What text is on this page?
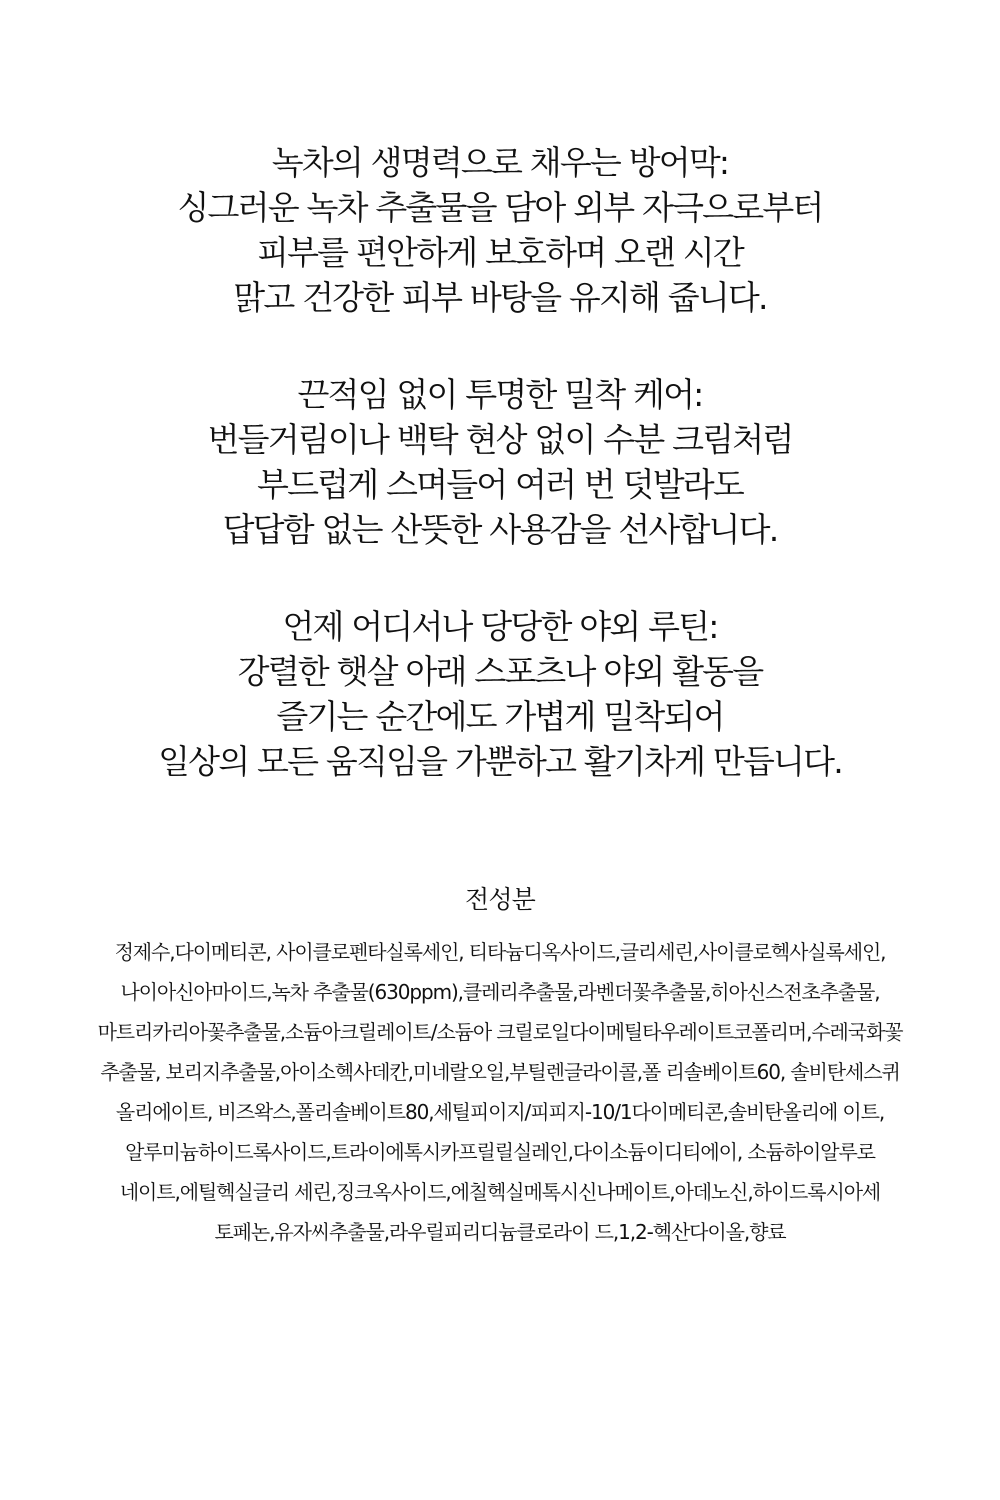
녹차의 생명력으로 채우는 방어막:
싱그러운 녹차 추출물을 담아 외부 자극으로부터
피부를 편안하게 보호하며 오랜 시간
맑고 건강한 피부 바탕을 유지해 줍니다.
끈적임 없이 투명한 밀착 케어:
번들거림이나 백탁 현상 없이 수분 크림처럼
부드럽게 스며들어 여러 번 덧발라도
답답함 없는 산뜻한 사용감을 선사합니다.
언제 어디서나 당당한 야외 루틴:
강렬한 햇살 아래 스포츠나 야외 활동을
즐기는 순간에도 가볍게 밀착되어
일상의 모든 움직임을 가뿐하고 활기차게 만듭니다.
전성분
정제수,다이메티콘, 사이클로펜타실록세인, 티타늄디옥사이드,글리세린,사이클로헥사실록세인,
나이아신아마이드,녹차 추출물(630ppm),클레리추출물,라벤더꽃추출물,히아신스전초추출물,
마트리카리아꽃추출물,소듐아크릴레이트/소듐아 크릴로일다이메틸타우레이트코폴리머,수레국화꽃
추출물, 보리지추출물,아이소헥사데칸,미네랄오일,부틸렌글라이콜,폴 리솔베이트60, 솔비탄세스퀴
올리에이트, 비즈왁스,폴리솔베이트80,세틸피이지/피피지-10/1다이메티콘,솔비탄올리에 이트,
알루미늄하이드록사이드,트라이에톡시카프릴릴실레인,다이소듐이디티에이, 소듐하이알루로
네이트,에틸헥실글리 세린,징크옥사이드,에칠헥실메톡시신나메이트,아데노신,하이드록시아세
토페논,유자씨추출물,라우릴피리디늄클로라이 드,1,2-헥산다이올,향료
